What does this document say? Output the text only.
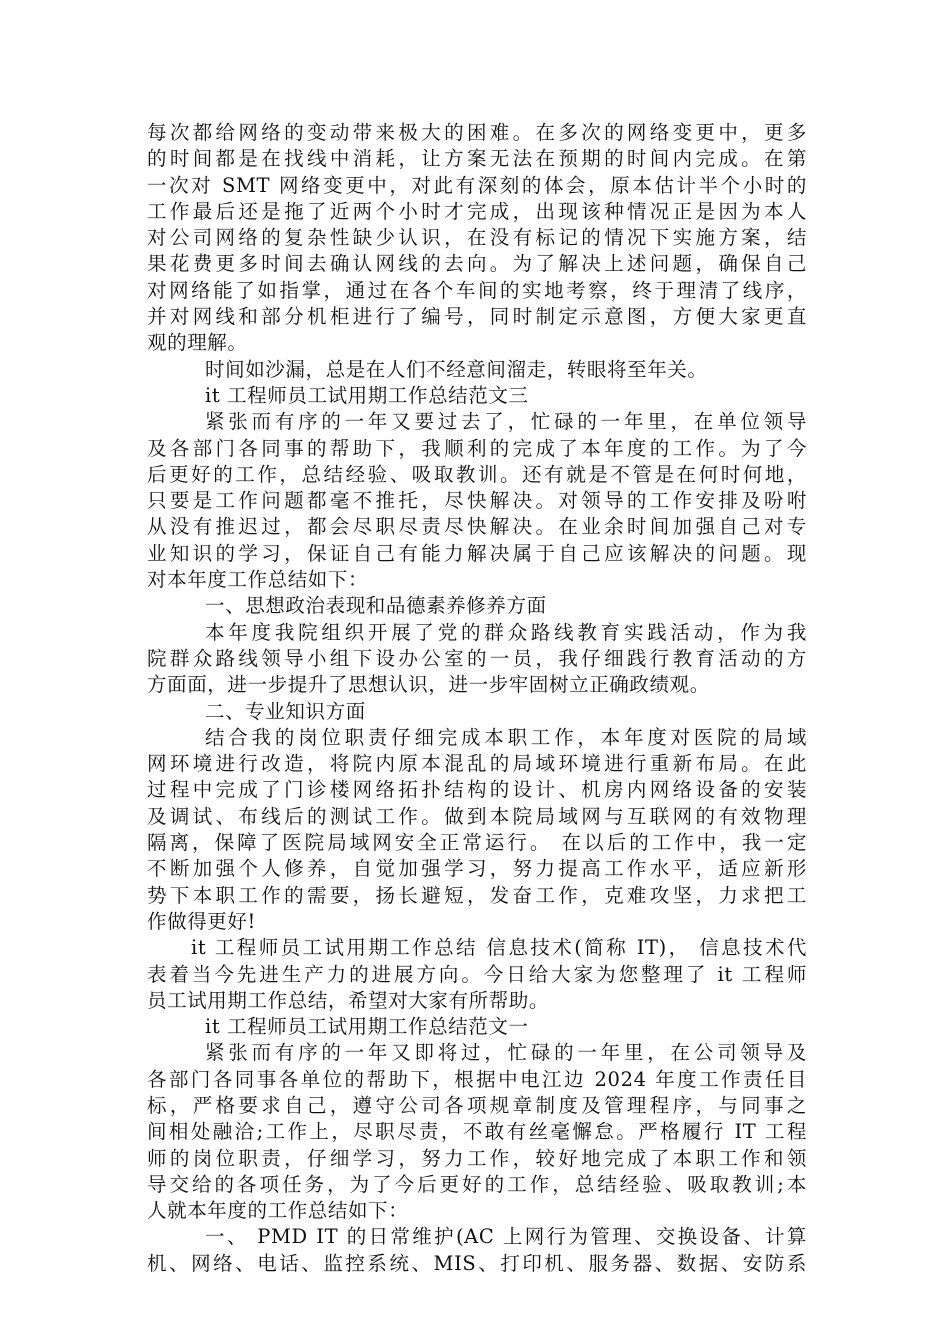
每次都给网络的变动带来极大的困难。在多次的网络变更中，更多
的时间都是在找线中消耗，让方案无法在预期的时间内完成。在第
一次对 SMT 网络变更中，对此有深刻的体会，原本估计半个小时的
工作最后还是拖了近两个小时才完成，出现该种情况正是因为本人
对公司网络的复杂性缺少认识，在没有标记的情况下实施方案，结
果花费更多时间去确认网线的去向。为了解决上述问题，确保自己
对网络能了如指掌，通过在各个车间的实地考察，终于理清了线序，
并对网线和部分机柜进行了编号，同时制定示意图，方便大家更直
观的理解。
时间如沙漏，总是在人们不经意间溜走，转眼将至年关。
it 工程师员工试用期工作总结范文三
紧张而有序的一年又要过去了，忙碌的一年里，在单位领导
及各部门各同事的帮助下，我顺利的完成了本年度的工作。为了今
后更好的工作，总结经验、吸取教训。还有就是不管是在何时何地，
只要是工作问题都毫不推托，尽快解决。对领导的工作安排及吩咐
从没有推迟过，都会尽职尽责尽快解决。在业余时间加强自己对专
业知识的学习，保证自己有能力解决属于自己应该解决的问题。现
对本年度工作总结如下：
一、思想政治表现和品德素养修养方面
本年度我院组织开展了党的群众路线教育实践活动，作为我
院群众路线领导小组下设办公室的一员，我仔细践行教育活动的方
方面面，进一步提升了思想认识，进一步牢固树立正确政绩观。
二、专业知识方面
结合我的岗位职责仔细完成本职工作，本年度对医院的局域
网环境进行改造，将院内原本混乱的局域环境进行重新布局。在此
过程中完成了门诊楼网络拓扑结构的设计、机房内网络设备的安装
及调试、布线后的测试工作。做到本院局域网与互联网的有效物理
隔离，保障了医院局域网安全正常运行。 在以后的工作中，我一定
不断加强个人修养，自觉加强学习，努力提高工作水平，适应新形
势下本职工作的需要，扬长避短，发奋工作，克难攻坚，力求把工
作做得更好!
it 工程师员工试用期工作总结 信息技术(简称 IT)， 信息技术代
表着当今先进生产力的进展方向。今日给大家为您整理了 it 工程师
员工试用期工作总结，希望对大家有所帮助。
it 工程师员工试用期工作总结范文一
紧张而有序的一年又即将过，忙碌的一年里，在公司领导及
各部门各同事各单位的帮助下，根据中电江边 2024 年度工作责任目
标，严格要求自己，遵守公司各项规章制度及管理程序，与同事之
间相处融洽;工作上，尽职尽责，不敢有丝毫懈怠。严格履行 IT 工程
师的岗位职责，仔细学习，努力工作，较好地完成了本职工作和领
导交给的各项任务，为了今后更好的工作，总结经验、吸取教训;本
人就本年度的工作总结如下：
一、 PMD IT 的日常维护(AC 上网行为管理、交换设备、计算
机、网络、电话、监控系统、MIS、打印机、服务器、数据、安防系
